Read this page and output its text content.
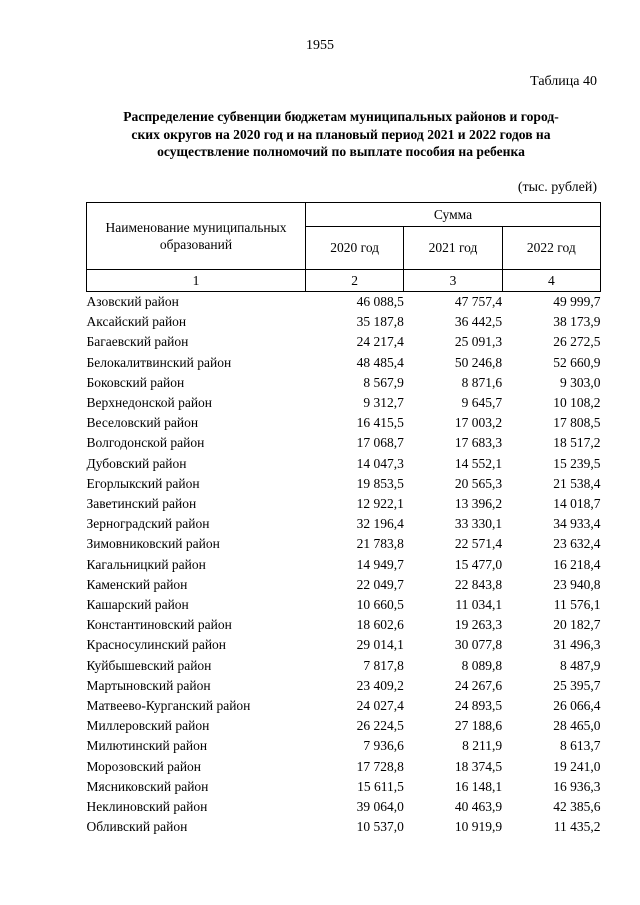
1955
Таблица 40
Распределение субвенции бюджетам муниципальных районов и город-
ских округов на 2020 год и на плановый период 2021 и 2022 годов на
осуществление полномочий по выплате пособия на ребенка
(тыс. рублей)
Наименование муниципальных образований	Сумма		
	2020 год	2021 год	2022 год
1	2	3	4
Азовский район	46 088,5	47 757,4	49 999,7
Аксайский район	35 187,8	36 442,5	38 173,9
Багаевский район	24 217,4	25 091,3	26 272,5
Белокалитвинский район	48 485,4	50 246,8	52 660,9
Боковский район	8 567,9	8 871,6	9 303,0
Верхнедонской район	9 312,7	9 645,7	10 108,2
Веселовский район	16 415,5	17 003,2	17 808,5
Волгодонской район	17 068,7	17 683,3	18 517,2
Дубовский район	14 047,3	14 552,1	15 239,5
Егорлыкский район	19 853,5	20 565,3	21 538,4
Заветинский район	12 922,1	13 396,2	14 018,7
Зерноградский район	32 196,4	33 330,1	34 933,4
Зимовниковский район	21 783,8	22 571,4	23 632,4
Кагальницкий район	14 949,7	15 477,0	16 218,4
Каменский район	22 049,7	22 843,8	23 940,8
Кашарский район	10 660,5	11 034,1	11 576,1
Константиновский район	18 602,6	19 263,3	20 182,7
Красносулинский район	29 014,1	30 077,8	31 496,3
Куйбышевский район	7 817,8	8 089,8	8 487,9
Мартыновский район	23 409,2	24 267,6	25 395,7
Матвеево-Курганский район	24 027,4	24 893,5	26 066,4
Миллеровский район	26 224,5	27 188,6	28 465,0
Милютинский район	7 936,6	8 211,9	8 613,7
Морозовский район	17 728,8	18 374,5	19 241,0
Мясниковский район	15 611,5	16 148,1	16 936,3
Неклиновский район	39 064,0	40 463,9	42 385,6
Обливский район	10 537,0	10 919,9	11 435,2
